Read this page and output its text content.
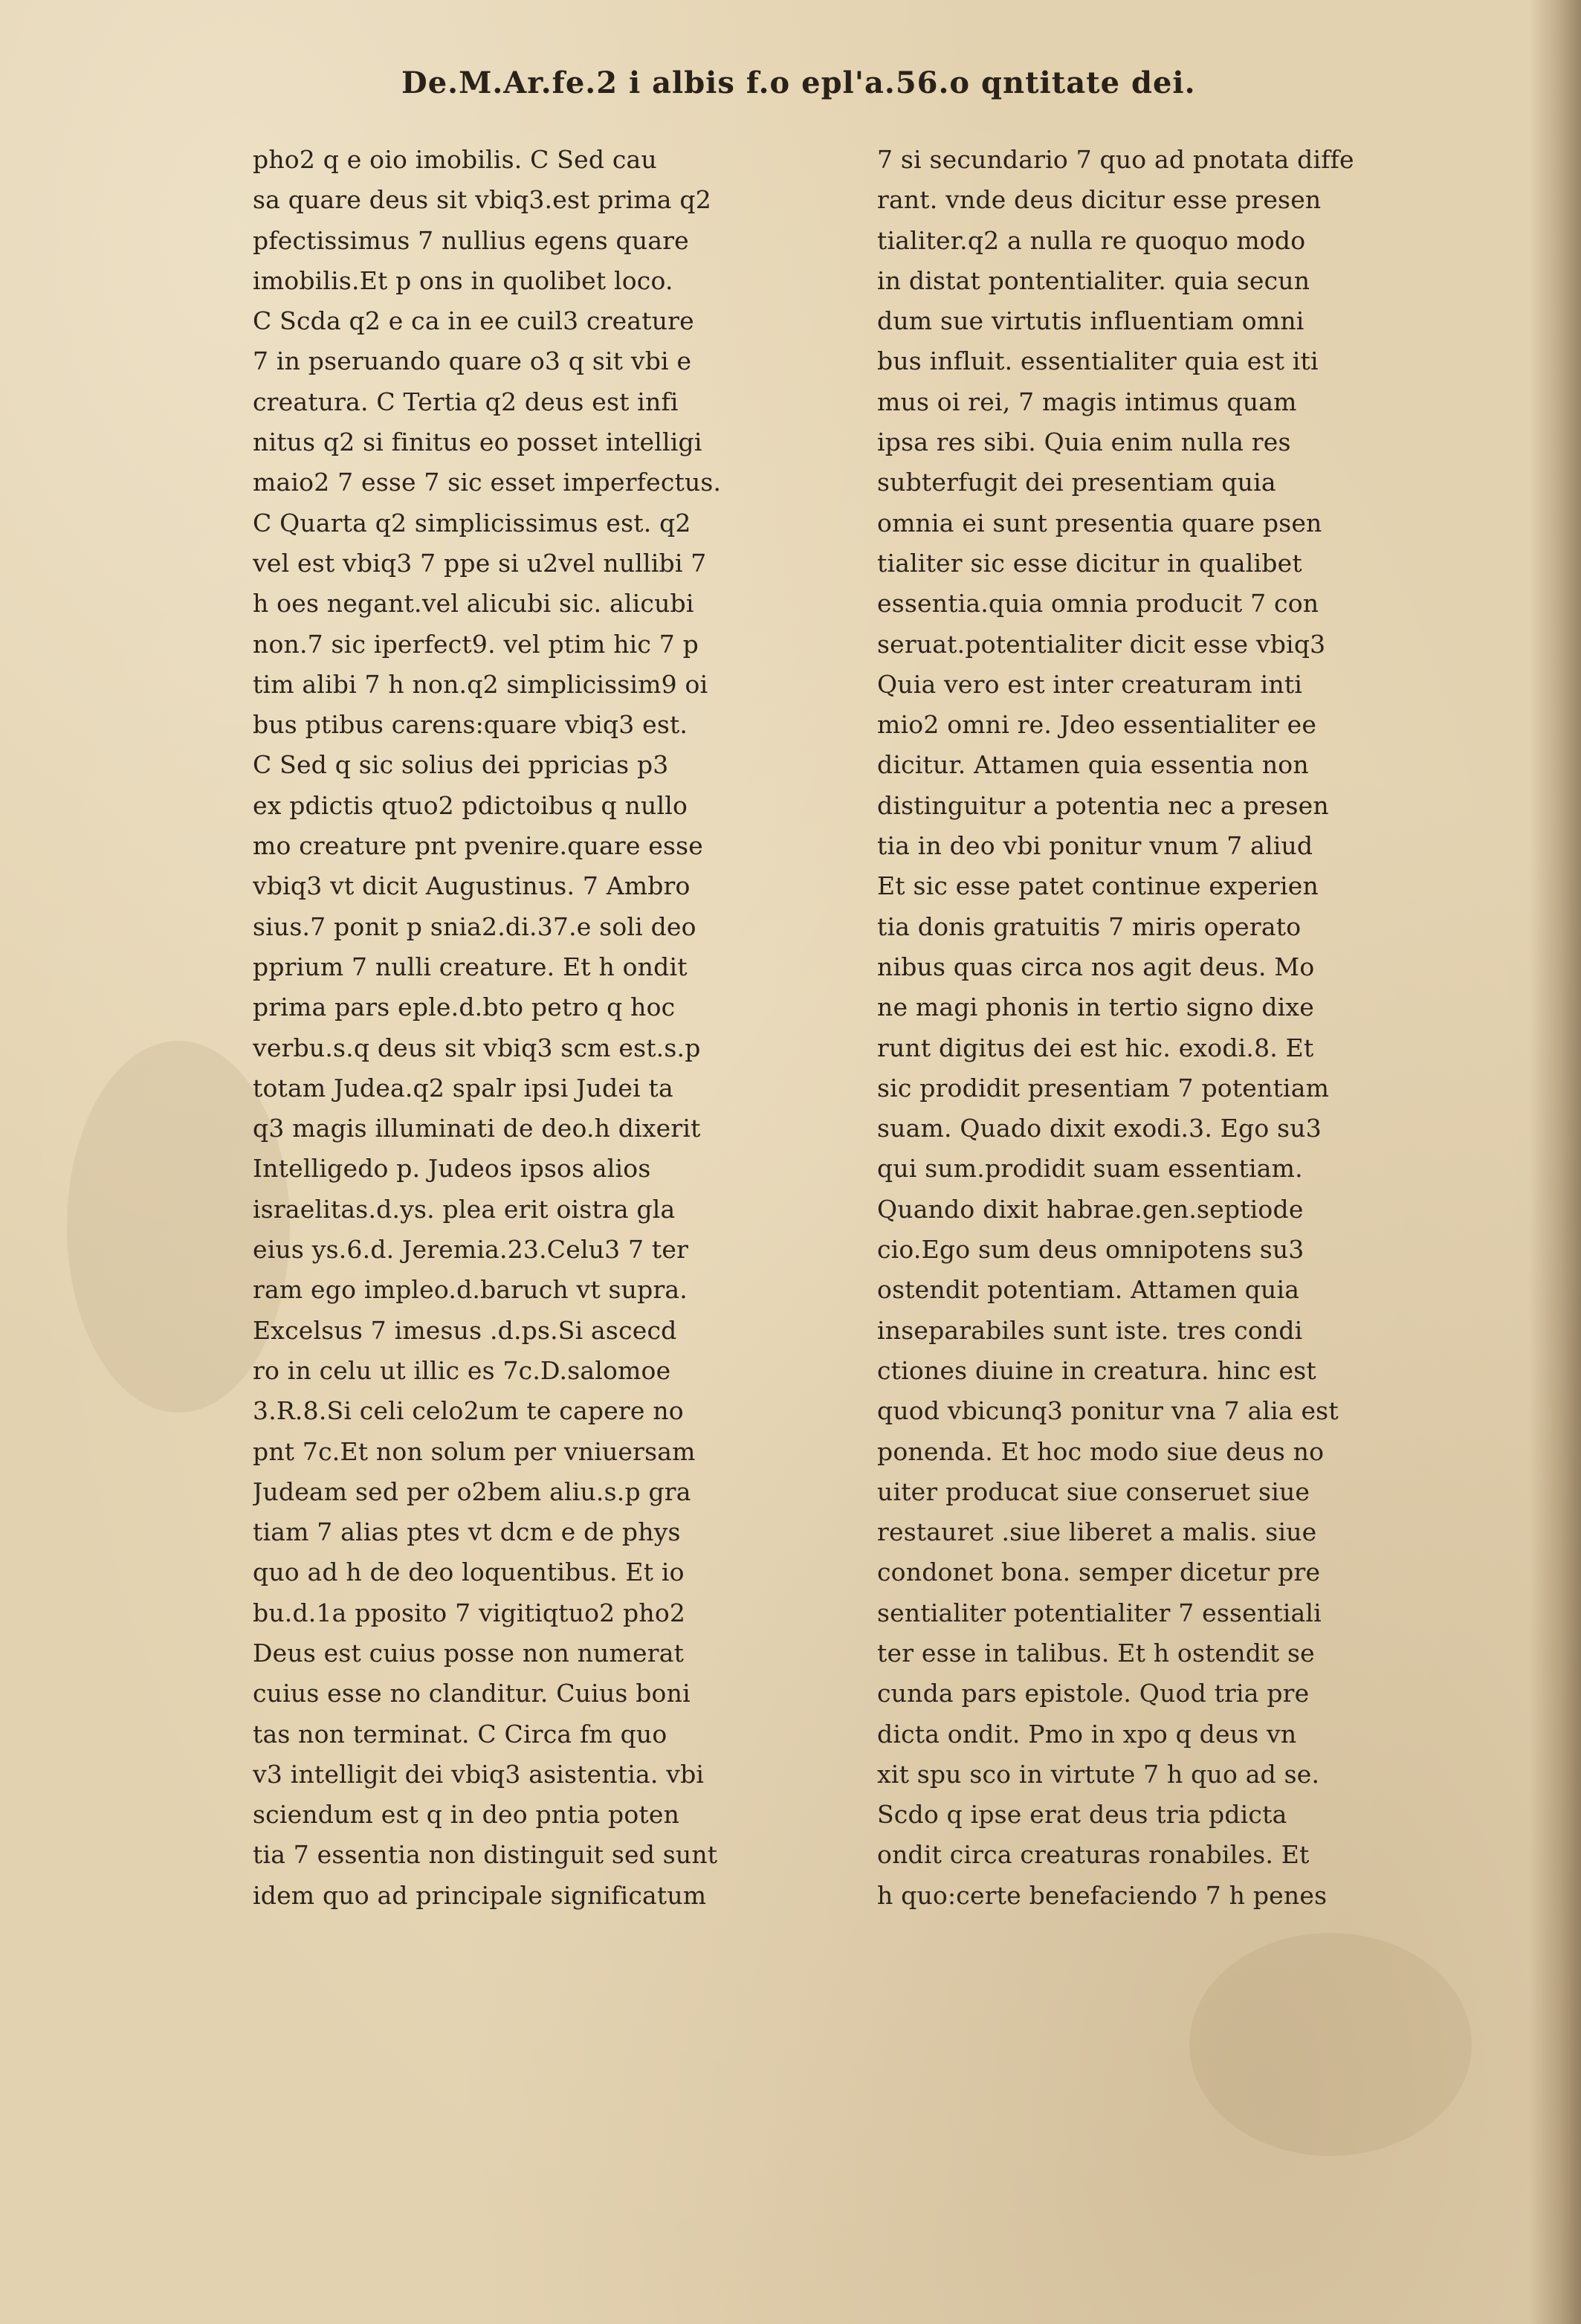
De.M.Ar.fe.2 i albis f.o epl'a.56.o qntitate dei.
pho2 q e oio imobilis. C Sed cau
sa quare deus sit vbiq3.est prima q2
pfectissimus 7 nullius egens quare
imobilis.Et p ons in quolibet loco.
C Scda q2 e ca in ee cuil3 creature
7 in pseruando quare o3 q sit vbi e
creatura. C Tertia q2 deus est infi
nitus q2 si finitus eo posset intelligi
maio2 7 esse 7 sic esset imperfectus.
C Quarta q2 simplicissimus est. q2
vel est vbiq3 7 ppe si u2vel nullibi 7
h oes negant.vel alicubi sic. alicubi
non.7 sic iperfect9. vel ptim hic 7 p
tim alibi 7 h non.q2 simplicissim9 oi
bus ptibus carens:quare vbiq3 est.
C Sed q sic solius dei ppricias p3
ex pdictis qtuo2 pdictoibus q nullo
mo creature pnt pvenire.quare esse
vbiq3 vt dicit Augustinus. 7 Ambro
sius.7 ponit p snia2.di.37.e soli deo
pprium 7 nulli creature. Et h ondit
prima pars eple.d.bto petro q hoc
verbu.s.q deus sit vbiq3 scm est.s.p
totam Judea.q2 spalr ipsi Judei ta
q3 magis illuminati de deo.h dixerit
Intelligedo p. Judeos ipsos alios
israelitas.d.ys. plea erit oistra gla
eius ys.6.d. Jeremia.23.Celu3 7 ter
ram ego impleo.d.baruch vt supra.
Excelsus 7 imesus .d.ps.Si ascecd
ro in celu ut illic es 7c.D.salomoe
3.R.8.Si celi celo2um te capere no
pnt 7c.Et non solum per vniuersam
Judeam sed per o2bem aliu.s.p gra
tiam 7 alias ptes vt dcm e de phys
quo ad h de deo loquentibus. Et io
bu.d.1a pposito 7 vigitiqtuo2 pho2
Deus est cuius posse non numerat
cuius esse no clanditur. Cuius boni
tas non terminat. C Circa fm quo
v3 intelligit dei vbiq3 asistentia. vbi
sciendum est q in deo pntia poten
tia 7 essentia non distinguit sed sunt
idem quo ad principale significatum
7 si secundario 7 quo ad pnotata diffe
rant. vnde deus dicitur esse presen
tialiter.q2 a nulla re quoquo modo
in distat pontentialiter. quia secun
dum sue virtutis influentiam omni
bus influit. essentialiter quia est iti
mus oi rei, 7 magis intimus quam
ipsa res sibi. Quia enim nulla res
subterfugit dei presentiam quia
omnia ei sunt presentia quare psen
tialiter sic esse dicitur in qualibet
essentia.quia omnia producit 7 con
seruat.potentialiter dicit esse vbiq3
Quia vero est inter creaturam inti
mio2 omni re. Jdeo essentialiter ee
dicitur. Attamen quia essentia non
distinguitur a potentia nec a presen
tia in deo vbi ponitur vnum 7 aliud
Et sic esse patet continue experien
tia donis gratuitis 7 miris operato
nibus quas circa nos agit deus. Mo
ne magi phonis in tertio signo dixe
runt digitus dei est hic. exodi.8. Et
sic prodidit presentiam 7 potentiam
suam. Quado dixit exodi.3. Ego su3
qui sum.prodidit suam essentiam.
Quando dixit habrae.gen.septiode
cio.Ego sum deus omnipotens su3
ostendit potentiam. Attamen quia
inseparabiles sunt iste. tres condi
ctiones diuine in creatura. hinc est
quod vbicunq3 ponitur vna 7 alia est
ponenda. Et hoc modo siue deus no
uiter producat siue conseruet siue
restauret .siue liberet a malis. siue
condonet bona. semper dicetur pre
sentialiter potentialiter 7 essentiali
ter esse in talibus. Et h ostendit se
cunda pars epistole. Quod tria pre
dicta ondit. Pmo in xpo q deus vn
xit spu sco in virtute 7 h quo ad se.
Scdo q ipse erat deus tria pdicta
ondit circa creaturas ronabiles. Et
h quo:certe benefaciendo 7 h penes
